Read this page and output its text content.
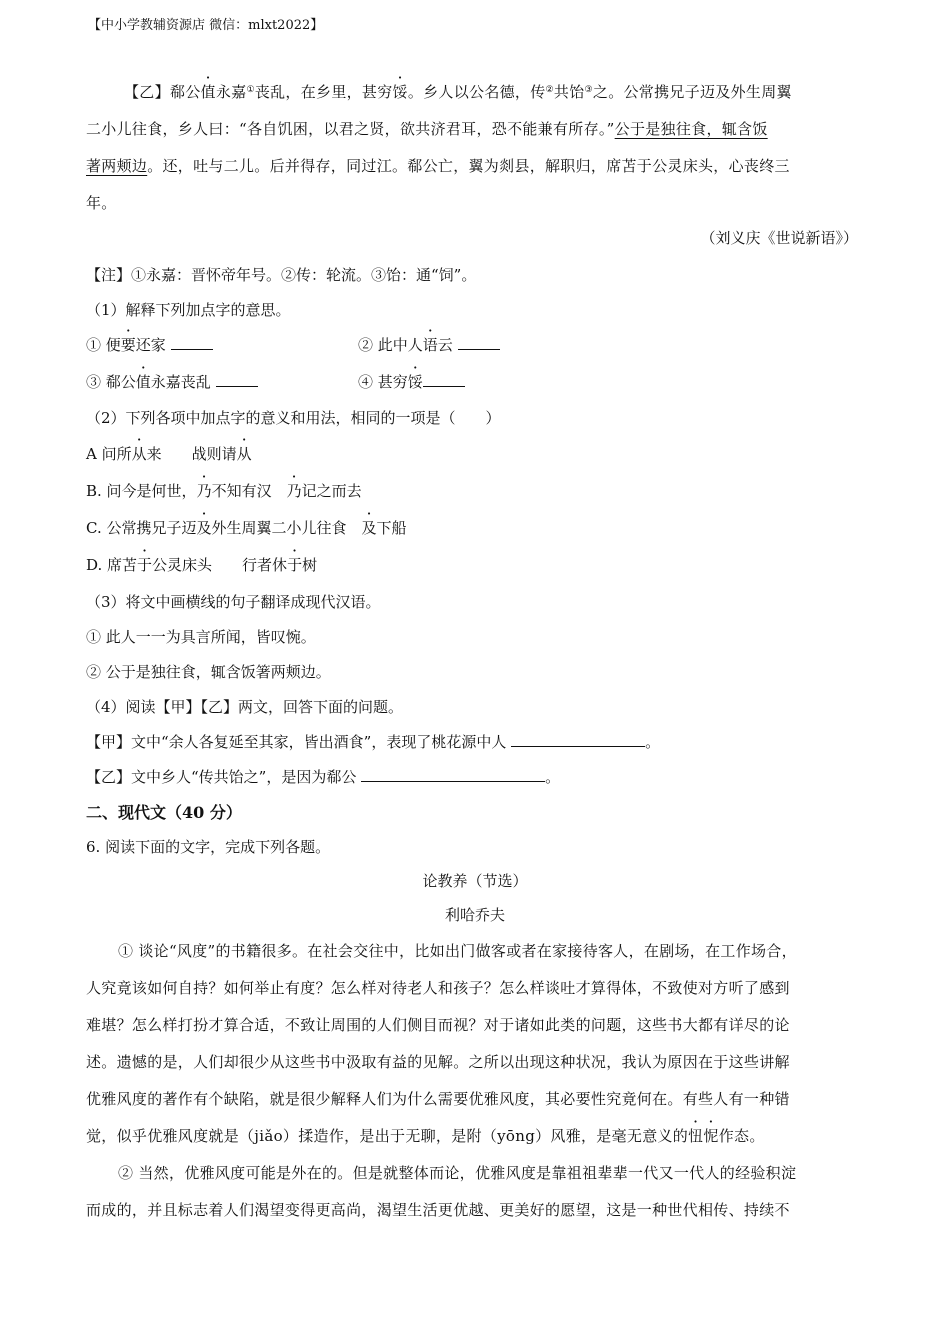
【中小学教辅资源店 微信：mlxt2022】
【乙】郗公值永嘉①丧乱，在乡里，甚穷馁。乡人以公名德，传②共饴③之。公常携兄子迈及外生周翼
二小儿往食，乡人曰：“各自饥困，以君之贤，欲共济君耳，恐不能兼有所存。”公于是独往食，辄含饭
著两颊边。还，吐与二儿。后并得存，同过江。郗公亡，翼为剡县，解职归，席苫于公灵床头，心丧终三
年。
（刘义庆《世说新语》）
【注】①永嘉：晋怀帝年号。②传：轮流。③饴：通“饲”。
（1）解释下列加点字的意思。
① 便要还家	② 此中人语云
③ 郗公值永嘉丧乱	④ 甚穷馁
（2）下列各项中加点字的意义和用法，相同的一项是（　　）
A 问所从来　　战则请从
B. 问今是何世，乃不知有汉　乃记之而去
C. 公常携兄子迈及外生周翼二小儿往食　及下船
D. 席苫于公灵床头　　行者休于树
（3）将文中画横线的句子翻译成现代汉语。
① 此人一一为具言所闻，皆叹惋。
② 公于是独往食，辄含饭箸两颊边。
（4）阅读【甲】【乙】两文，回答下面的问题。
【甲】文中“余人各复延至其家，皆出酒食”，表现了桃花源中人	。
【乙】文中乡人“传共饴之”，是因为郗公	。
二、现代文（40 分）
6. 阅读下面的文字，完成下列各题。
论教养（节选）
利哈乔夫
① 谈论“风度”的书籍很多。在社会交往中，比如出门做客或者在家接待客人，在剧场，在工作场合，
人究竟该如何自持？如何举止有度？怎么样对待老人和孩子？怎么样谈吐才算得体，不致使对方听了感到
难堪？怎么样打扮才算合适，不致让周围的人们侧目而视？对于诸如此类的问题，这些书大都有详尽的论
述。遗憾的是，人们却很少从这些书中汲取有益的见解。之所以出现这种状况，我认为原因在于这些讲解
优雅风度的著作有个缺陷，就是很少解释人们为什么需要优雅风度，其必要性究竟何在。有些人有一种错
觉，似乎优雅风度就是（jiǎo）揉造作，是出于无聊，是附（yōng）风雅，是毫无意义的忸怩作态。
② 当然，优雅风度可能是外在的。但是就整体而论，优雅风度是靠祖祖辈辈一代又一代人的经验积淀
而成的，并且标志着人们渴望变得更高尚，渴望生活更优越、更美好的愿望，这是一种世代相传、持续不
